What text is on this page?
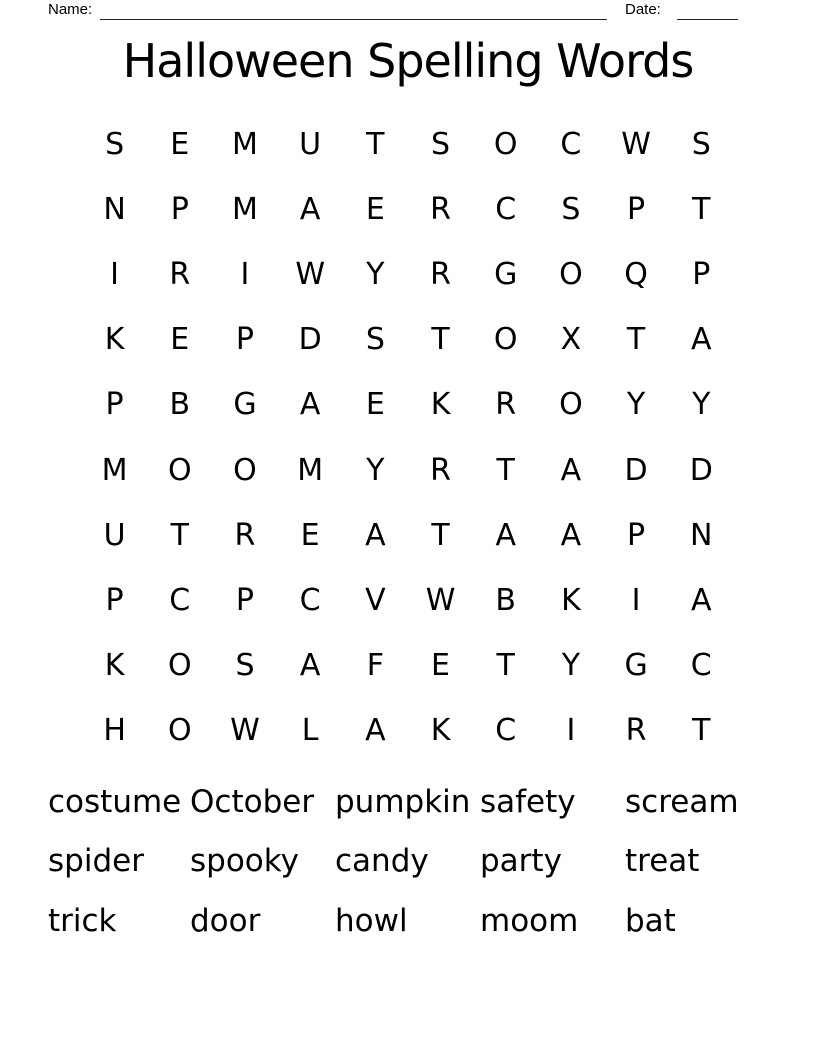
Name:	Date:
Halloween Spelling Words
S	E	M	U	T	S	O	C	W	S
N	P	M	A	E	R	C	S	P	T
I	R	I	W	Y	R	G	O	Q	P
K	E	P	D	S	T	O	X	T	A
P	B	G	A	E	K	R	O	Y	Y
M	O	O	M	Y	R	T	A	D	D
U	T	R	E	A	T	A	A	P	N
P	C	P	C	V	W	B	K	I	A
K	O	S	A	F	E	T	Y	G	C
H	O	W	L	A	K	C	I	R	T
costume October pumpkin safety	scream
spider	spooky	candy	party	treat
trick	door	howl	moom	bat
